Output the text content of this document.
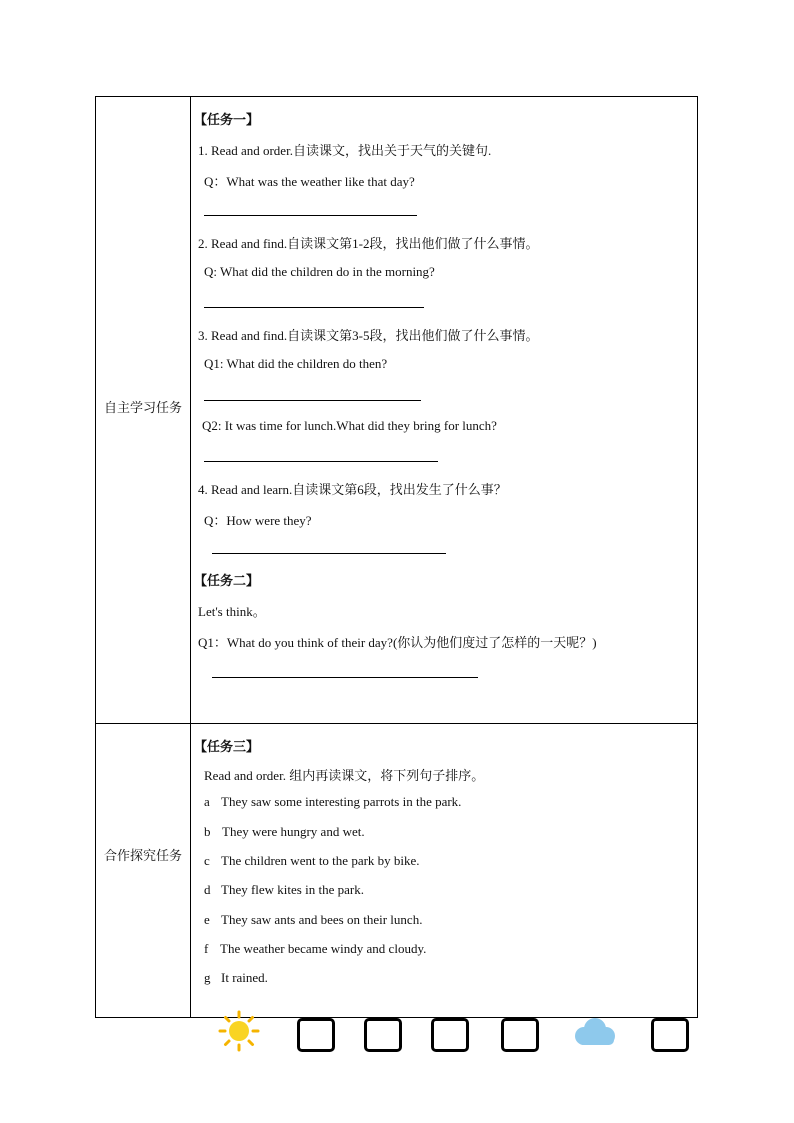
自主学习任务
【任务一】
1. Read and order.自读课文，找出关于天气的关键句.
Q：What was the weather like that day?
2. Read and find.自读课文第1-2段，找出他们做了什么事情。
Q: What did the children do in the morning?
3. Read and find.自读课文第3-5段，找出他们做了什么事情。
Q1: What did the children do then?
Q2: It was time for lunch.What did they bring for lunch?
4. Read and learn.自读课文第6段，找出发生了什么事？
Q：How were they?
【任务二】
Let's think。
Q1：What do you think of their day?(你认为他们度过了怎样的一天呢？)
合作探究任务
【任务三】
Read and order. 组内再读课文，将下列句子排序。
a They saw some interesting parrots in the park.
b They were hungry and wet.
c The children went to the park by bike.
d They flew kites in the park.
e They saw ants and bees on their lunch.
f The weather became windy and cloudy.
g It rained.
